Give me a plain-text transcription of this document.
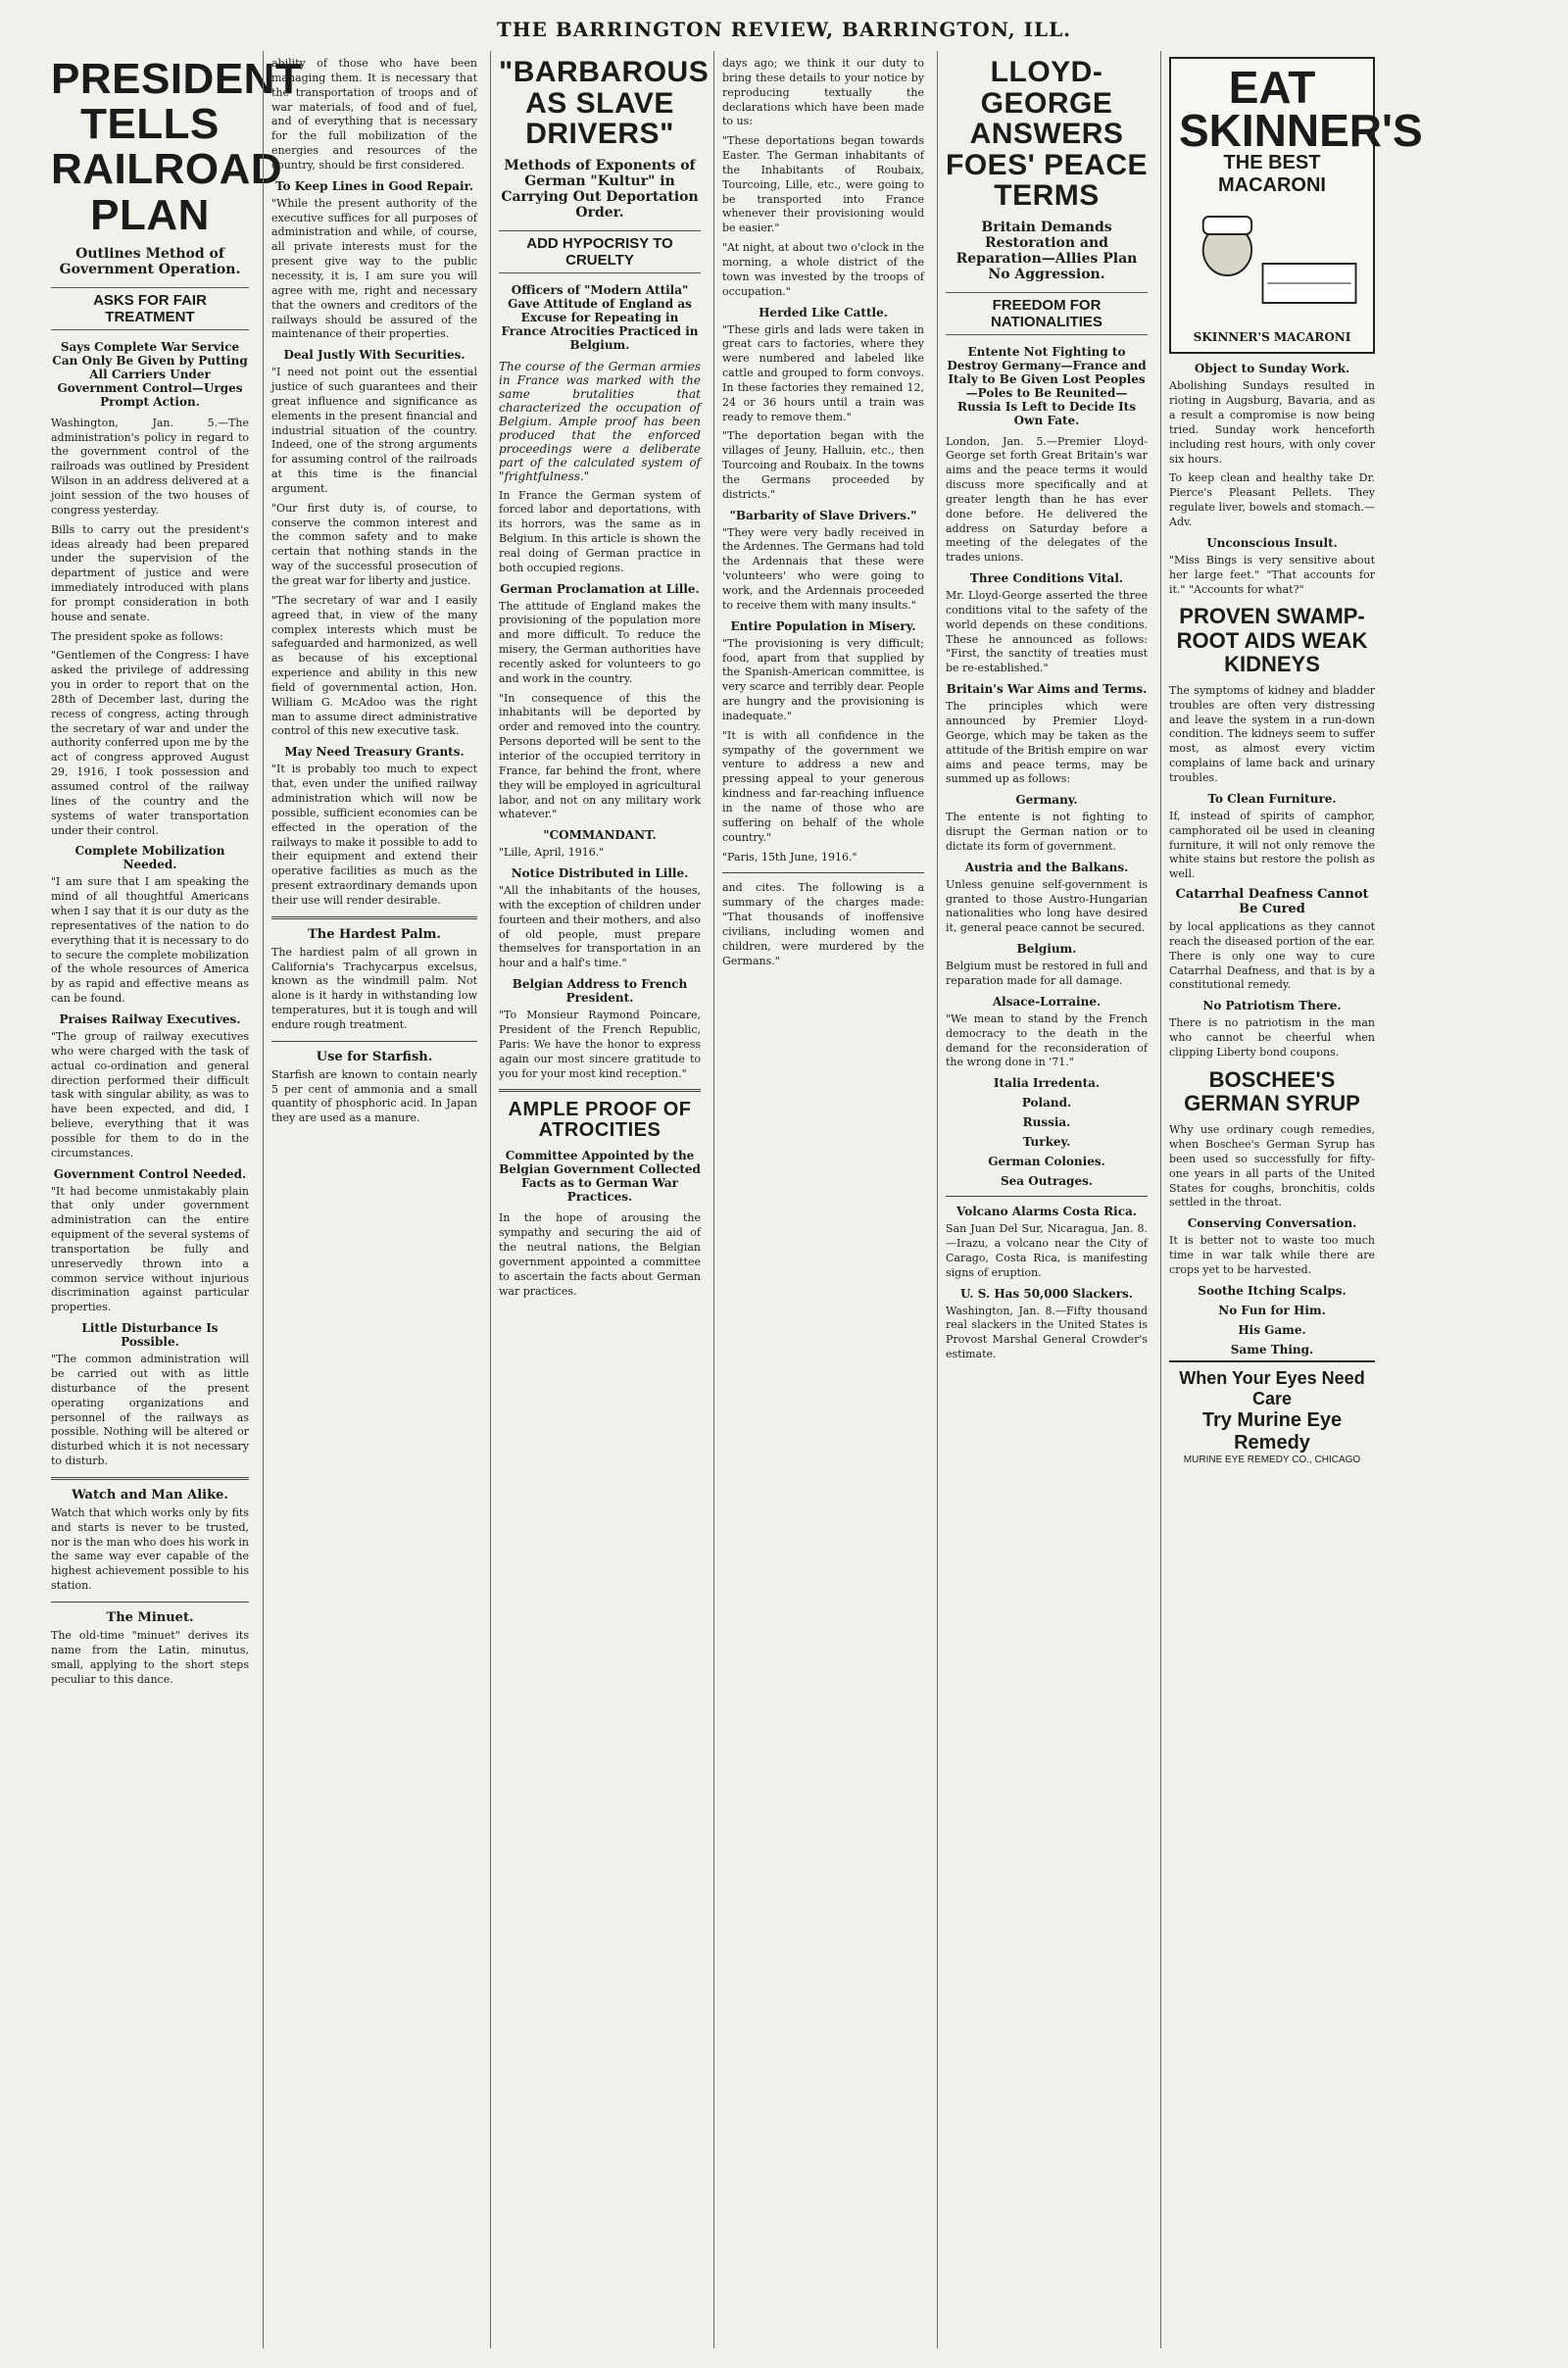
THE BARRINGTON REVIEW, BARRINGTON, ILL.
PRESIDENT TELLS RAILROAD PLAN
Outlines Method of Government Operation.
ASKS FOR FAIR TREATMENT
Says Complete War Service Can Only Be Given by Putting All Carriers Under Government Control—Urges Prompt Action.

Washington, Jan. 5.—The administration's policy in regard to the government control of the railroads was outlined by President Wilson in an address delivered at a joint session of the two houses of congress yesterday.

Bills to carry out the president's ideas already had been prepared under the supervision of the department of justice and were immediately introduced with plans for prompt consideration in both house and senate.

The president spoke as follows:

"Gentlemen of the Congress: I have asked the privilege of addressing you in order to report that on the 28th of December last, during the recess of congress, acting through the secretary of war and under the authority conferred upon me by the act of congress approved August 29, 1916, I took possession and assumed control of the railway lines of the country and the systems of water transportation under their control.

Complete Mobilization Needed.

"I am sure that I am speaking the mind of all thoughtful Americans when I say that it is our duty as the representatives of the nation to do everything that it is necessary to do to secure the complete mobilization of the whole resources of America by as rapid and effective means as can be found.

Praises Railway Executives.

"The group of railway executives who were charged with the task of actual co-ordination and general direction performed their difficult task with singular ability, as was to have been expected, and did, I believe, everything that it was possible for them to do in the circumstances.

Government Control Needed.

"It had become unmistakably plain that only under government administration can the entire equipment of the several systems of transportation be fully and unreservedly thrown into a common service without injurious discrimination against particular properties.

Little Disturbance Is Possible.

"The common administration will be carried out with as little disturbance of the present operating organizations and personnel of the railways as possible. Nothing will be altered or disturbed which it is not necessary to disturb.

Watch and Man Alike.

Watch that which works only by fits and starts is never to be trusted, nor is the man who does his work in the same way ever capable of the highest achievement possible to his station.

The Minuet.

The old-time "minuet" derives its name from the Latin, minutus, small, applying to the short steps peculiar to this dance.

ability of those who have been managing them. It is necessary that the transportation of troops and of war materials, of food and of fuel, and of everything that is necessary for the full mobilization of the energies and resources of the country, should be first considered.

To Keep Lines in Good Repair.

"While the present authority of the executive suffices for all purposes of administration and while, of course, all private interests must for the present give way to the public necessity, it is, I am sure you will agree with me, right and necessary that the owners and creditors of the railways should be assured of the maintenance of their properties.

Deal Justly With Securities.

"I need not point out the essential justice of such guarantees and their great influence and significance as elements in the present financial and industrial situation of the country. Indeed, one of the strong arguments for assuming control of the railroads at this time is the financial argument.

"Our first duty is, of course, to conserve the common interest and the common safety and to make certain that nothing stands in the way of the successful prosecution of the great war for liberty and justice.

"The secretary of war and I easily agreed that, in view of the many complex interests which must be safeguarded and harmonized, as well as because of his exceptional experience and ability in this new field of governmental action, Hon. William G. McAdoo was the right man to assume direct administrative control of this new executive task.

May Need Treasury Grants.

"It is probably too much to expect that, even under the unified railway administration which will now be possible, sufficient economies can be effected in the operation of the railways to make it possible to add to their equipment and extend their operative facilities as much as the present extraordinary demands upon their use will render desirable.

The Hardest Palm.

The hardiest palm of all grown in California's Trachycarpus excelsus, known as the windmill palm. Not alone is it hardy in withstanding low temperatures, but it is tough and will endure rough treatment.

Use for Starfish.

Starfish are known to contain nearly 5 per cent of ammonia and a small quantity of phosphoric acid. In Japan they are used as a manure.

"BARBAROUS AS SLAVE DRIVERS"
Methods of Exponents of German "Kultur" in Carrying Out Deportation Order.
ADD HYPOCRISY TO CRUELTY
Officers of "Modern Attila" Gave Attitude of England as Excuse for Repeating in France Atrocities Practiced in Belgium.
The course of the German armies in France was marked with the same brutalities that characterized the occupation of Belgium. Ample proof has been produced that the enforced proceedings were a deliberate part of the calculated system of "frightfulness."

In France the German system of forced labor and deportations, with its horrors, was the same as in Belgium. In this article is shown the real doing of German practice in both occupied regions.

German Proclamation at Lille.

The attitude of England makes the provisioning of the population more and more difficult. To reduce the misery, the German authorities have recently asked for volunteers to go and work in the country.

"In consequence of this the inhabitants will be deported by order and removed into the country. Persons deported will be sent to the interior of the occupied territory in France, far behind the front, where they will be employed in agricultural labor, and not on any military work whatever."

"COMMANDANT.

"Lille, April, 1916."

Notice Distributed in Lille.

"All the inhabitants of the houses, with the exception of children under fourteen and their mothers, and also of old people, must prepare themselves for transportation in an hour and a half's time."

Belgian Address to French President.

"To Monsieur Raymond Poincare, President of the French Republic, Paris: We have the honor to express again our most sincere gratitude to you for your most kind reception."

AMPLE PROOF OF ATROCITIES
Committee Appointed by the Belgian Government Collected Facts as to German War Practices.

In the hope of arousing the sympathy and securing the aid of the neutral nations, the Belgian government appointed a committee to ascertain the facts about German war practices.

days ago; we think it our duty to bring these details to your notice by reproducing textually the declarations which have been made to us:

"These deportations began towards Easter. The German inhabitants of the Inhabitants of Roubaix, Tourcoing, Lille, etc., were going to be transported into France whenever their provisioning would be easier."

"At night, at about two o'clock in the morning, a whole district of the town was invested by the troops of occupation."

Herded Like Cattle.

"These girls and lads were taken in great cars to factories, where they were numbered and labeled like cattle and grouped to form convoys. In these factories they remained 12, 24 or 36 hours until a train was ready to remove them."

"The deportation began with the villages of Jeuny, Halluin, etc., then Tourcoing and Roubaix. In the towns the Germans proceeded by districts."

"Barbarity of Slave Drivers."

"They were very badly received in the Ardennes. The Germans had told the Ardennais that these were 'volunteers' who were going to work, and the Ardennais proceeded to receive them with many insults."

Entire Population in Misery.

"The provisioning is very difficult; food, apart from that supplied by the Spanish-American committee, is very scarce and terribly dear. People are hungry and the provisioning is inadequate."

"It is with all confidence in the sympathy of the government we venture to address a new and pressing appeal to your generous kindness and far-reaching influence in the name of those who are suffering on behalf of the whole country."

"Paris, 15th June, 1916."

and cites. The following is a summary of the charges made: "That thousands of inoffensive civilians, including women and children, were murdered by the Germans."

LLOYD-GEORGE ANSWERS FOES' PEACE TERMS
Britain Demands Restoration and Reparation—Allies Plan No Aggression.
FREEDOM FOR NATIONALITIES
Entente Not Fighting to Destroy Germany—France and Italy to Be Given Lost Peoples—Poles to Be Reunited—Russia Is Left to Decide Its Own Fate.

London, Jan. 5.—Premier Lloyd-George set forth Great Britain's war aims and the peace terms it would discuss more specifically and at greater length than he has ever done before. He delivered the address on Saturday before a meeting of the delegates of the trades unions.

Three Conditions Vital.

Mr. Lloyd-George asserted the three conditions vital to the safety of the world depends on these conditions. These he announced as follows: "First, the sanctity of treaties must be re-established."

Britain's War Aims and Terms.

The principles which were announced by Premier Lloyd-George, which may be taken as the attitude of the British empire on war aims and peace terms, may be summed up as follows:

Germany.

The entente is not fighting to disrupt the German nation or to dictate its form of government.

Austria and the Balkans.

Unless genuine self-government is granted to those Austro-Hungarian nationalities who long have desired it, general peace cannot be secured.

Belgium.

Belgium must be restored in full and reparation made for all damage.

Alsace-Lorraine.

"We mean to stand by the French democracy to the death in the demand for the reconsideration of the wrong done in '71."

Italia Irredenta.
Poland.
Russia.
Turkey.
German Colonies.
Sea Outrages.
Volcano Alarms Costa Rica.

San Juan Del Sur, Nicaragua, Jan. 8.—Irazu, a volcano near the City of Carago, Costa Rica, is manifesting signs of eruption.

U. S. Has 50,000 Slackers.

Washington, Jan. 8.—Fifty thousand real slackers in the United States is Provost Marshal General Crowder's estimate.

EAT SKINNER'S
THE BEST MACARONI
SKINNER'S MACARONI
Object to Sunday Work.

Abolishing Sundays resulted in rioting in Augsburg, Bavaria, and as a result a compromise is now being tried. Sunday work henceforth including rest hours, with only cover six hours.

To keep clean and healthy take Dr. Pierce's Pleasant Pellets. They regulate liver, bowels and stomach.—Adv.

Unconscious Insult.

"Miss Bings is very sensitive about her large feet." "That accounts for it." "Accounts for what?"

PROVEN SWAMP-ROOT AIDS WEAK KIDNEYS

The symptoms of kidney and bladder troubles are often very distressing and leave the system in a run-down condition. The kidneys seem to suffer most, as almost every victim complains of lame back and urinary troubles.

To Clean Furniture.

If, instead of spirits of camphor, camphorated oil be used in cleaning furniture, it will not only remove the white stains but restore the polish as well.

Catarrhal Deafness Cannot Be Cured

by local applications as they cannot reach the diseased portion of the ear. There is only one way to cure Catarrhal Deafness, and that is by a constitutional remedy.

No Patriotism There.

There is no patriotism in the man who cannot be cheerful when clipping Liberty bond coupons.

BOSCHEE'S GERMAN SYRUP

Why use ordinary cough remedies, when Boschee's German Syrup has been used so successfully for fifty-one years in all parts of the United States for coughs, bronchitis, colds settled in the throat.

Conserving Conversation.

It is better not to waste too much time in war talk while there are crops yet to be harvested.

Soothe Itching Scalps.
No Fun for Him.
His Game.
Same Thing.
When Your Eyes Need Care
Try Murine Eye Remedy
MURINE EYE REMEDY CO., CHICAGO
